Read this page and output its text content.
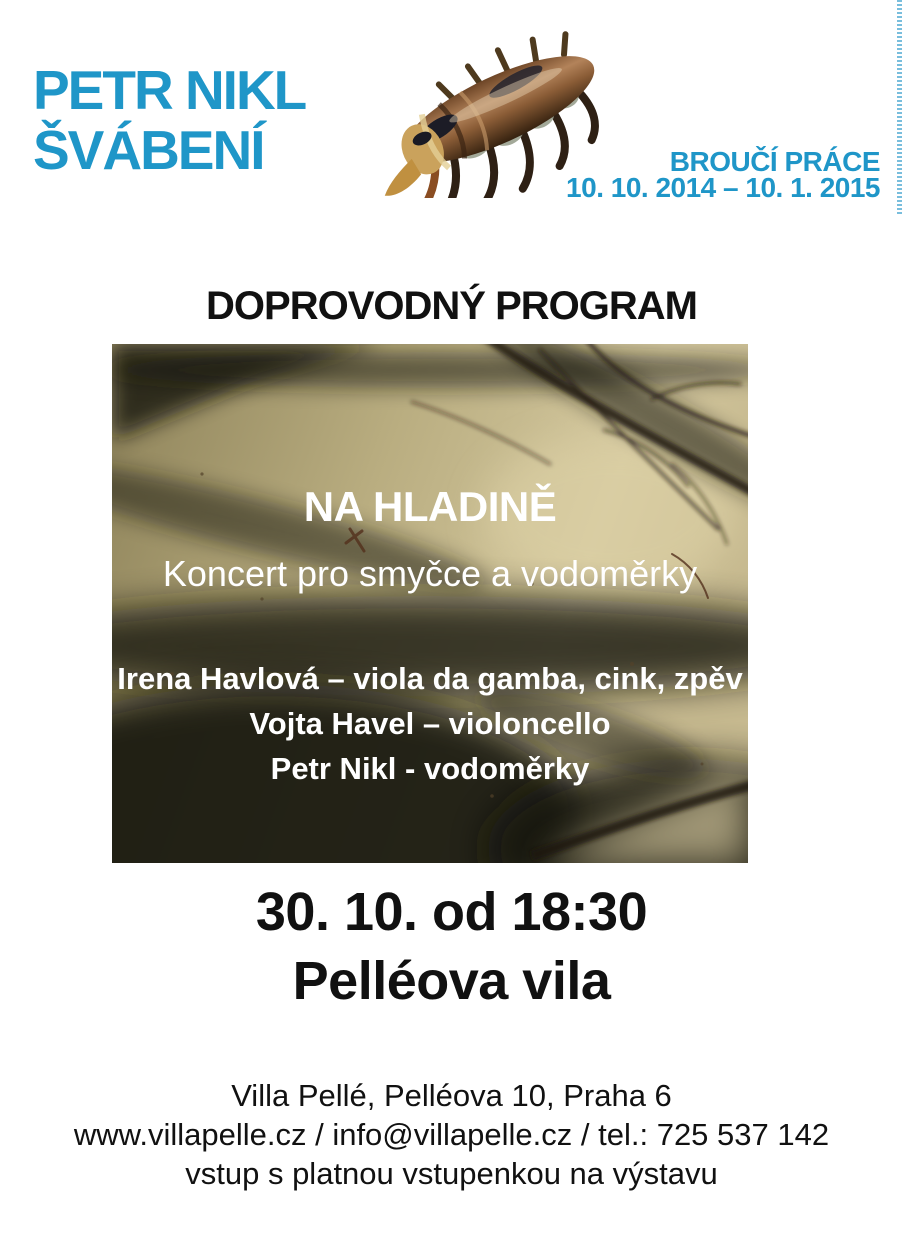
PETR NIKL
ŠVÁBENÍ	BROUČÍ PRÁCE
10. 10. 2014 – 10. 1. 2015
DOPROVODNÝ PROGRAM
NA HLADINĚ
Koncert pro smyčce a vodoměrky
Irena Havlová – viola da gamba, cink, zpěv
Vojta Havel – violoncello
Petr Nikl - vodoměrky
30. 10. od 18:30
Pelléova vila
Villa Pellé, Pelléova 10, Praha 6
www.villapelle.cz / info@villapelle.cz / tel.: 725 537 142
vstup s platnou vstupenkou na výstavu
